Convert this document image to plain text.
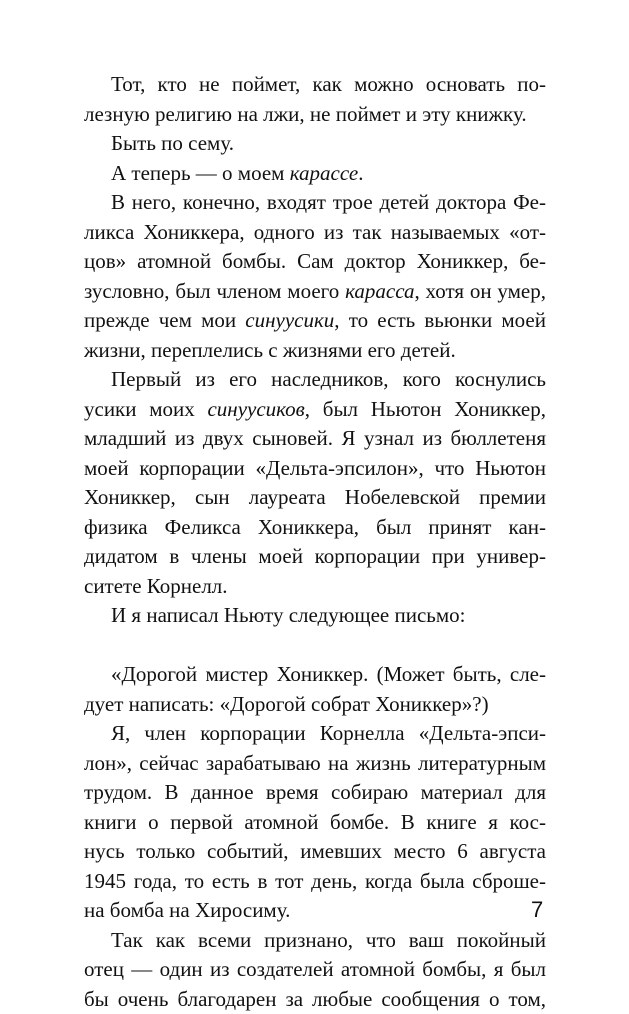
Тот, кто не поймет, как можно основать по-
лезную религию на лжи, не поймет и эту книжку.
Быть по сему.
А теперь — о моем карассе.
В него, конечно, входят трое детей доктора Фе-
ликса Хониккера, одного из так называемых «от-
цов» атомной бомбы. Сам доктор Хониккер, бе-
зусловно, был членом моего карасса, хотя он умер,
прежде чем мои синуусики, то есть вьюнки моей
жизни, переплелись с жизнями его детей.
Первый из его наследников, кого коснулись
усики моих синуусиков, был Ньютон Хониккер,
младший из двух сыновей. Я узнал из бюллетеня
моей корпорации «Дельта-эпсилон», что Ньютон
Хониккер, сын лауреата Нобелевской премии
физика Феликса Хониккера, был принят кан-
дидатом в члены моей корпорации при универ-
ситете Корнелл.
И я написал Ньюту следующее письмо:
«Дорогой мистер Хониккер. (Может быть, сле-
дует написать: «Дорогой собрат Хониккер»?)
Я, член корпорации Корнелла «Дельта-эпси-
лон», сейчас зарабатываю на жизнь литературным
трудом. В данное время собираю материал для
книги о первой атомной бомбе. В книге я кос-
нусь только событий, имевших место 6 августа
1945 года, то есть в тот день, когда была сброше-
на бомба на Хиросиму.
Так как всеми признано, что ваш покойный
отец — один из создателей атомной бомбы, я был
бы очень благодарен за любые сообщения о том,
7
